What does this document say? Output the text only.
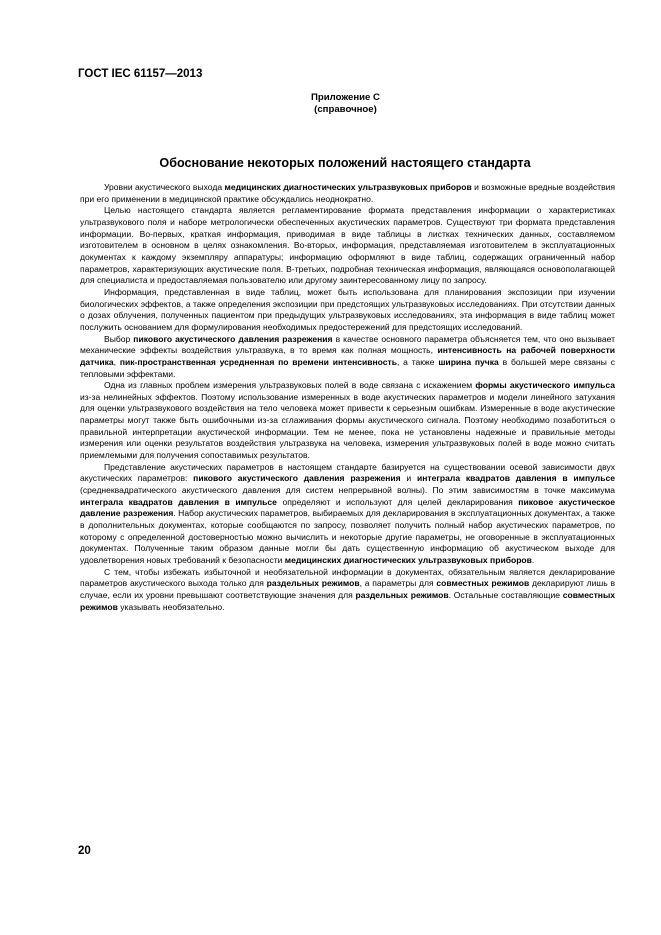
ГОСТ IEC 61157—2013
Приложение С
(справочное)
Обоснование некоторых положений настоящего стандарта

Уровни акустического выхода медицинских диагностических ультразвуковых приборов и возможные вредные воздействия при его применении в медицинской практике обсуждались неоднократно.

Целью настоящего стандарта является регламентирование формата представления информации о характеристиках ультразвукового поля и наборе метрологически обеспеченных акустических параметров. Существуют три формата представления информации. Во-первых, краткая информация, приводимая в виде таблицы в листках технических данных, составляемом изготовителем в основном в целях ознакомления. Во-вторых, информация, представляемая изготовителем в эксплуатационных документах к каждому экземпляру аппаратуры; информацию оформляют в виде таблиц, содержащих ограниченный набор параметров, характеризующих акустические поля. В-третьих, подробная техническая информация, являющаяся основополагающей для специалиста и предоставляемая пользователю или другому заинтересованному лицу по запросу.

Информация, представленная в виде таблиц, может быть использована для планирования экспозиции при изучении биологических эффектов, а также определения экспозиции при предстоящих ультразвуковых исследованиях. При отсутствии данных о дозах облучения, полученных пациентом при предыдущих ультразвуковых исследованиях, эта информация в виде таблиц может послужить основанием для формулирования необходимых предостережений для предстоящих исследований.

Выбор пикового акустического давления разрежения в качестве основного параметра объясняется тем, что оно вызывает механические эффекты воздействия ультразвука, в то время как полная мощность, интенсивность на рабочей поверхности датчика, пик-пространственная усредненная по времени интенсивность, а также ширина пучка в большей мере связаны с тепловыми эффектами.

Одна из главных проблем измерения ультразвуковых полей в воде связана с искажением формы акустического импульса из-за нелинейных эффектов. Поэтому использование измеренных в воде акустических параметров и модели линейного затухания для оценки ультразвукового воздействия на тело человека может привести к серьезным ошибкам. Измеренные в воде акустические параметры могут также быть ошибочными из-за сглаживания формы акустического сигнала. Поэтому необходимо позаботиться о правильной интерпретации акустической информации. Тем не менее, пока не установлены надежные и правильные методы измерения или оценки результатов воздействия ультразвука на человека, измерения ультразвуковых полей в воде можно считать приемлемыми для получения сопоставимых результатов.

Представление акустических параметров в настоящем стандарте базируется на существовании осевой зависимости двух акустических параметров: пикового акустического давления разрежения и интеграла квадратов давления в импульсе (среднеквадратического акустического давления для систем непрерывной волны). По этим зависимостям в точке максимума интеграла квадратов давления в импульсе определяют и используют для целей декларирования пиковое акустическое давление разрежения. Набор акустических параметров, выбираемых для декларирования в эксплуатационных документах, а также в дополнительных документах, которые сообщаются по запросу, позволяет получить полный набор акустических параметров, по которому с определенной достоверностью можно вычислить и некоторые другие параметры, не оговоренные в эксплуатационных документах. Полученные таким образом данные могли бы дать существенную информацию об акустическом выходе для удовлетворения новых требований к безопасности медицинских диагностических ультразвуковых приборов.

С тем, чтобы избежать избыточной и необязательной информации в документах, обязательным является декларирование параметров акустического выхода только для раздельных режимов, а параметры для совместных режимов декларируют лишь в случае, если их уровни превышают соответствующие значения для раздельных режимов. Остальные составляющие совместных режимов указывать необязательно.

20
